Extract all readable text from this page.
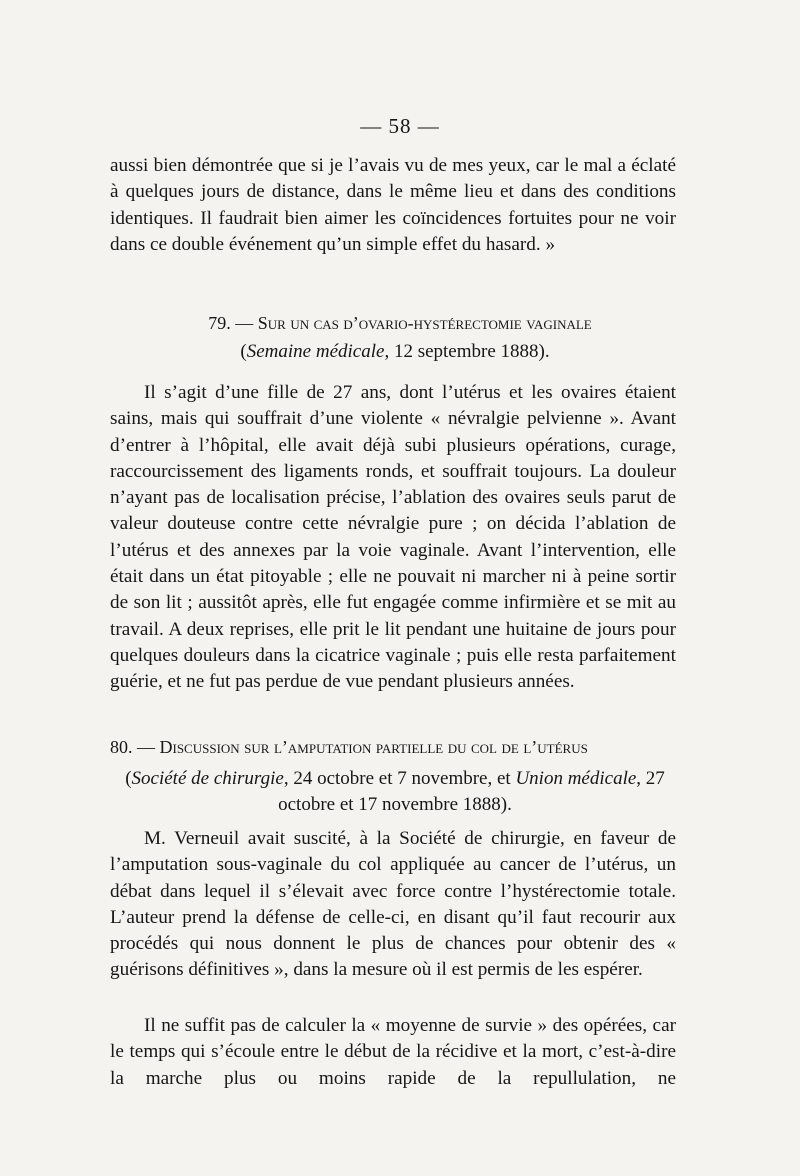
— 58 —

aussi bien démontrée que si je l’avais vu de mes yeux, car le mal a éclaté à quelques jours de distance, dans le même lieu et dans des conditions identiques. Il faudrait bien aimer les coïncidences fortuites pour ne voir dans ce double événement qu’un simple effet du hasard. »

79. — Sur un cas d’ovario-hystérectomie vaginale
(Semaine médicale, 12 septembre 1888).

Il s’agit d’une fille de 27 ans, dont l’utérus et les ovaires étaient sains, mais qui souffrait d’une violente « névralgie pelvienne ». Avant d’entrer à l’hôpital, elle avait déjà subi plusieurs opérations, curage, raccourcissement des ligaments ronds, et souffrait toujours. La douleur n’ayant pas de localisation précise, l’ablation des ovaires seuls parut de valeur douteuse contre cette névralgie pure ; on décida l’ablation de l’utérus et des annexes par la voie vaginale. Avant l’intervention, elle était dans un état pitoyable ; elle ne pouvait ni marcher ni à peine sortir de son lit ; aussitôt après, elle fut engagée comme infirmière et se mit au travail. A deux reprises, elle prit le lit pendant une huitaine de jours pour quelques douleurs dans la cicatrice vaginale ; puis elle resta parfaitement guérie, et ne fut pas perdue de vue pendant plusieurs années.

80. — Discussion sur l’amputation partielle du col de l’utérus
(Société de chirurgie, 24 octobre et 7 novembre, et Union médicale, 27 octobre et 17 novembre 1888).

M. Verneuil avait suscité, à la Société de chirurgie, en faveur de l’amputation sous-vaginale du col appliquée au cancer de l’utérus, un débat dans lequel il s’élevait avec force contre l’hystérectomie totale. L’auteur prend la défense de celle-ci, en disant qu’il faut recourir aux procédés qui nous donnent le plus de chances pour obtenir des « guérisons définitives », dans la mesure où il est permis de les espérer.

Il ne suffit pas de calculer la « moyenne de survie » des opérées, car le temps qui s’écoule entre le début de la récidive et la mort, c’est-à-dire la marche plus ou moins rapide de la repullulation, ne
